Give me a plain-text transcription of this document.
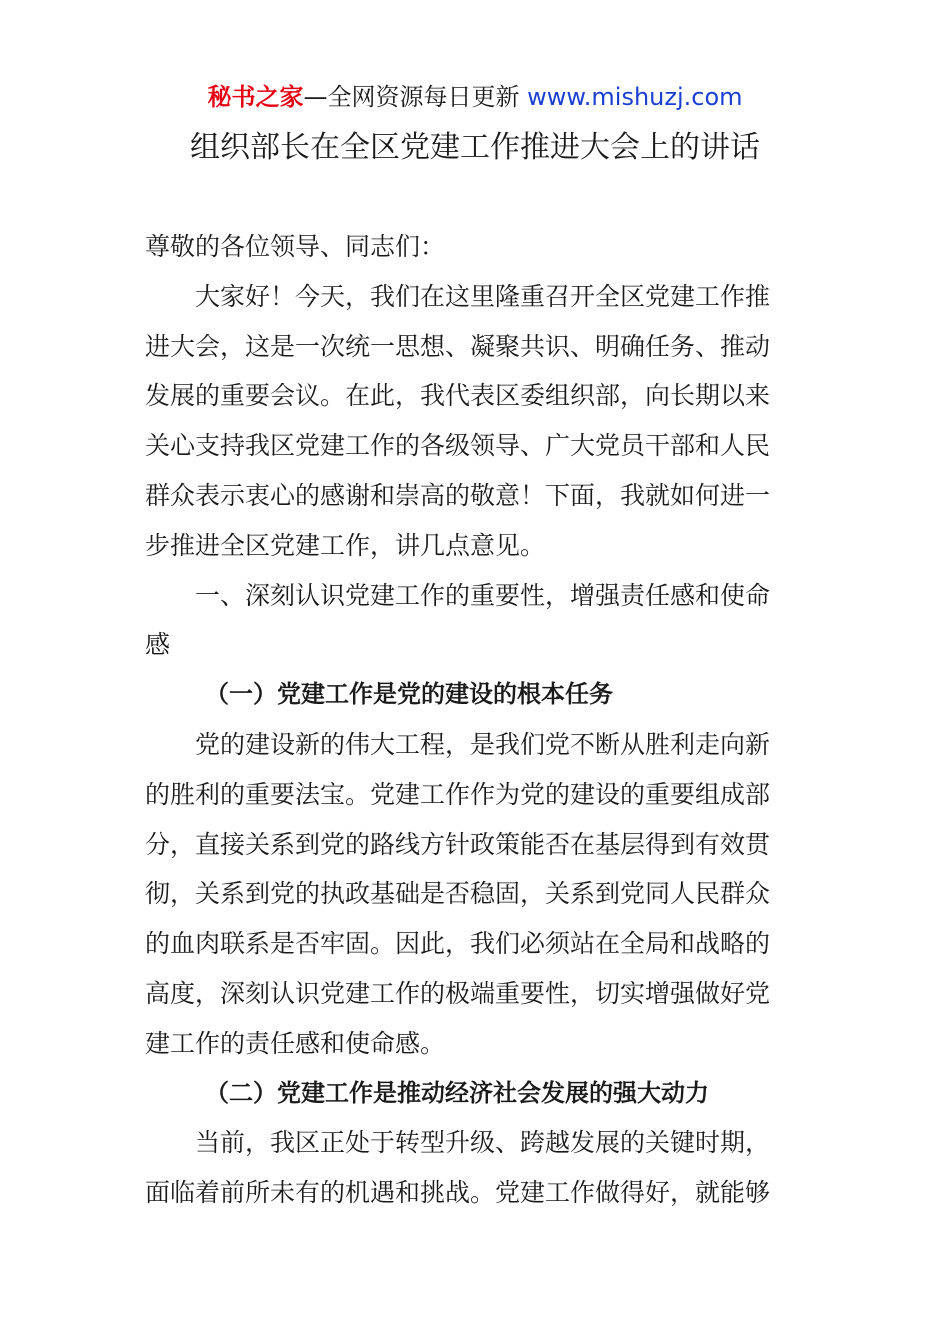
秘书之家—全网资源每日更新 www.mishuzj.com
组织部长在全区党建工作推进大会上的讲话
尊敬的各位领导、同志们：
大家好！今天，我们在这里隆重召开全区党建工作推
进大会，这是一次统一思想、凝聚共识、明确任务、推动
发展的重要会议。在此，我代表区委组织部，向长期以来
关心支持我区党建工作的各级领导、广大党员干部和人民
群众表示衷心的感谢和崇高的敬意！下面，我就如何进一
步推进全区党建工作，讲几点意见。
一、深刻认识党建工作的重要性，增强责任感和使命
感
（一）党建工作是党的建设的根本任务
党的建设新的伟大工程，是我们党不断从胜利走向新
的胜利的重要法宝。党建工作作为党的建设的重要组成部
分，直接关系到党的路线方针政策能否在基层得到有效贯
彻，关系到党的执政基础是否稳固，关系到党同人民群众
的血肉联系是否牢固。因此，我们必须站在全局和战略的
高度，深刻认识党建工作的极端重要性，切实增强做好党
建工作的责任感和使命感。
（二）党建工作是推动经济社会发展的强大动力
当前，我区正处于转型升级、跨越发展的关键时期，
面临着前所未有的机遇和挑战。党建工作做得好，就能够
